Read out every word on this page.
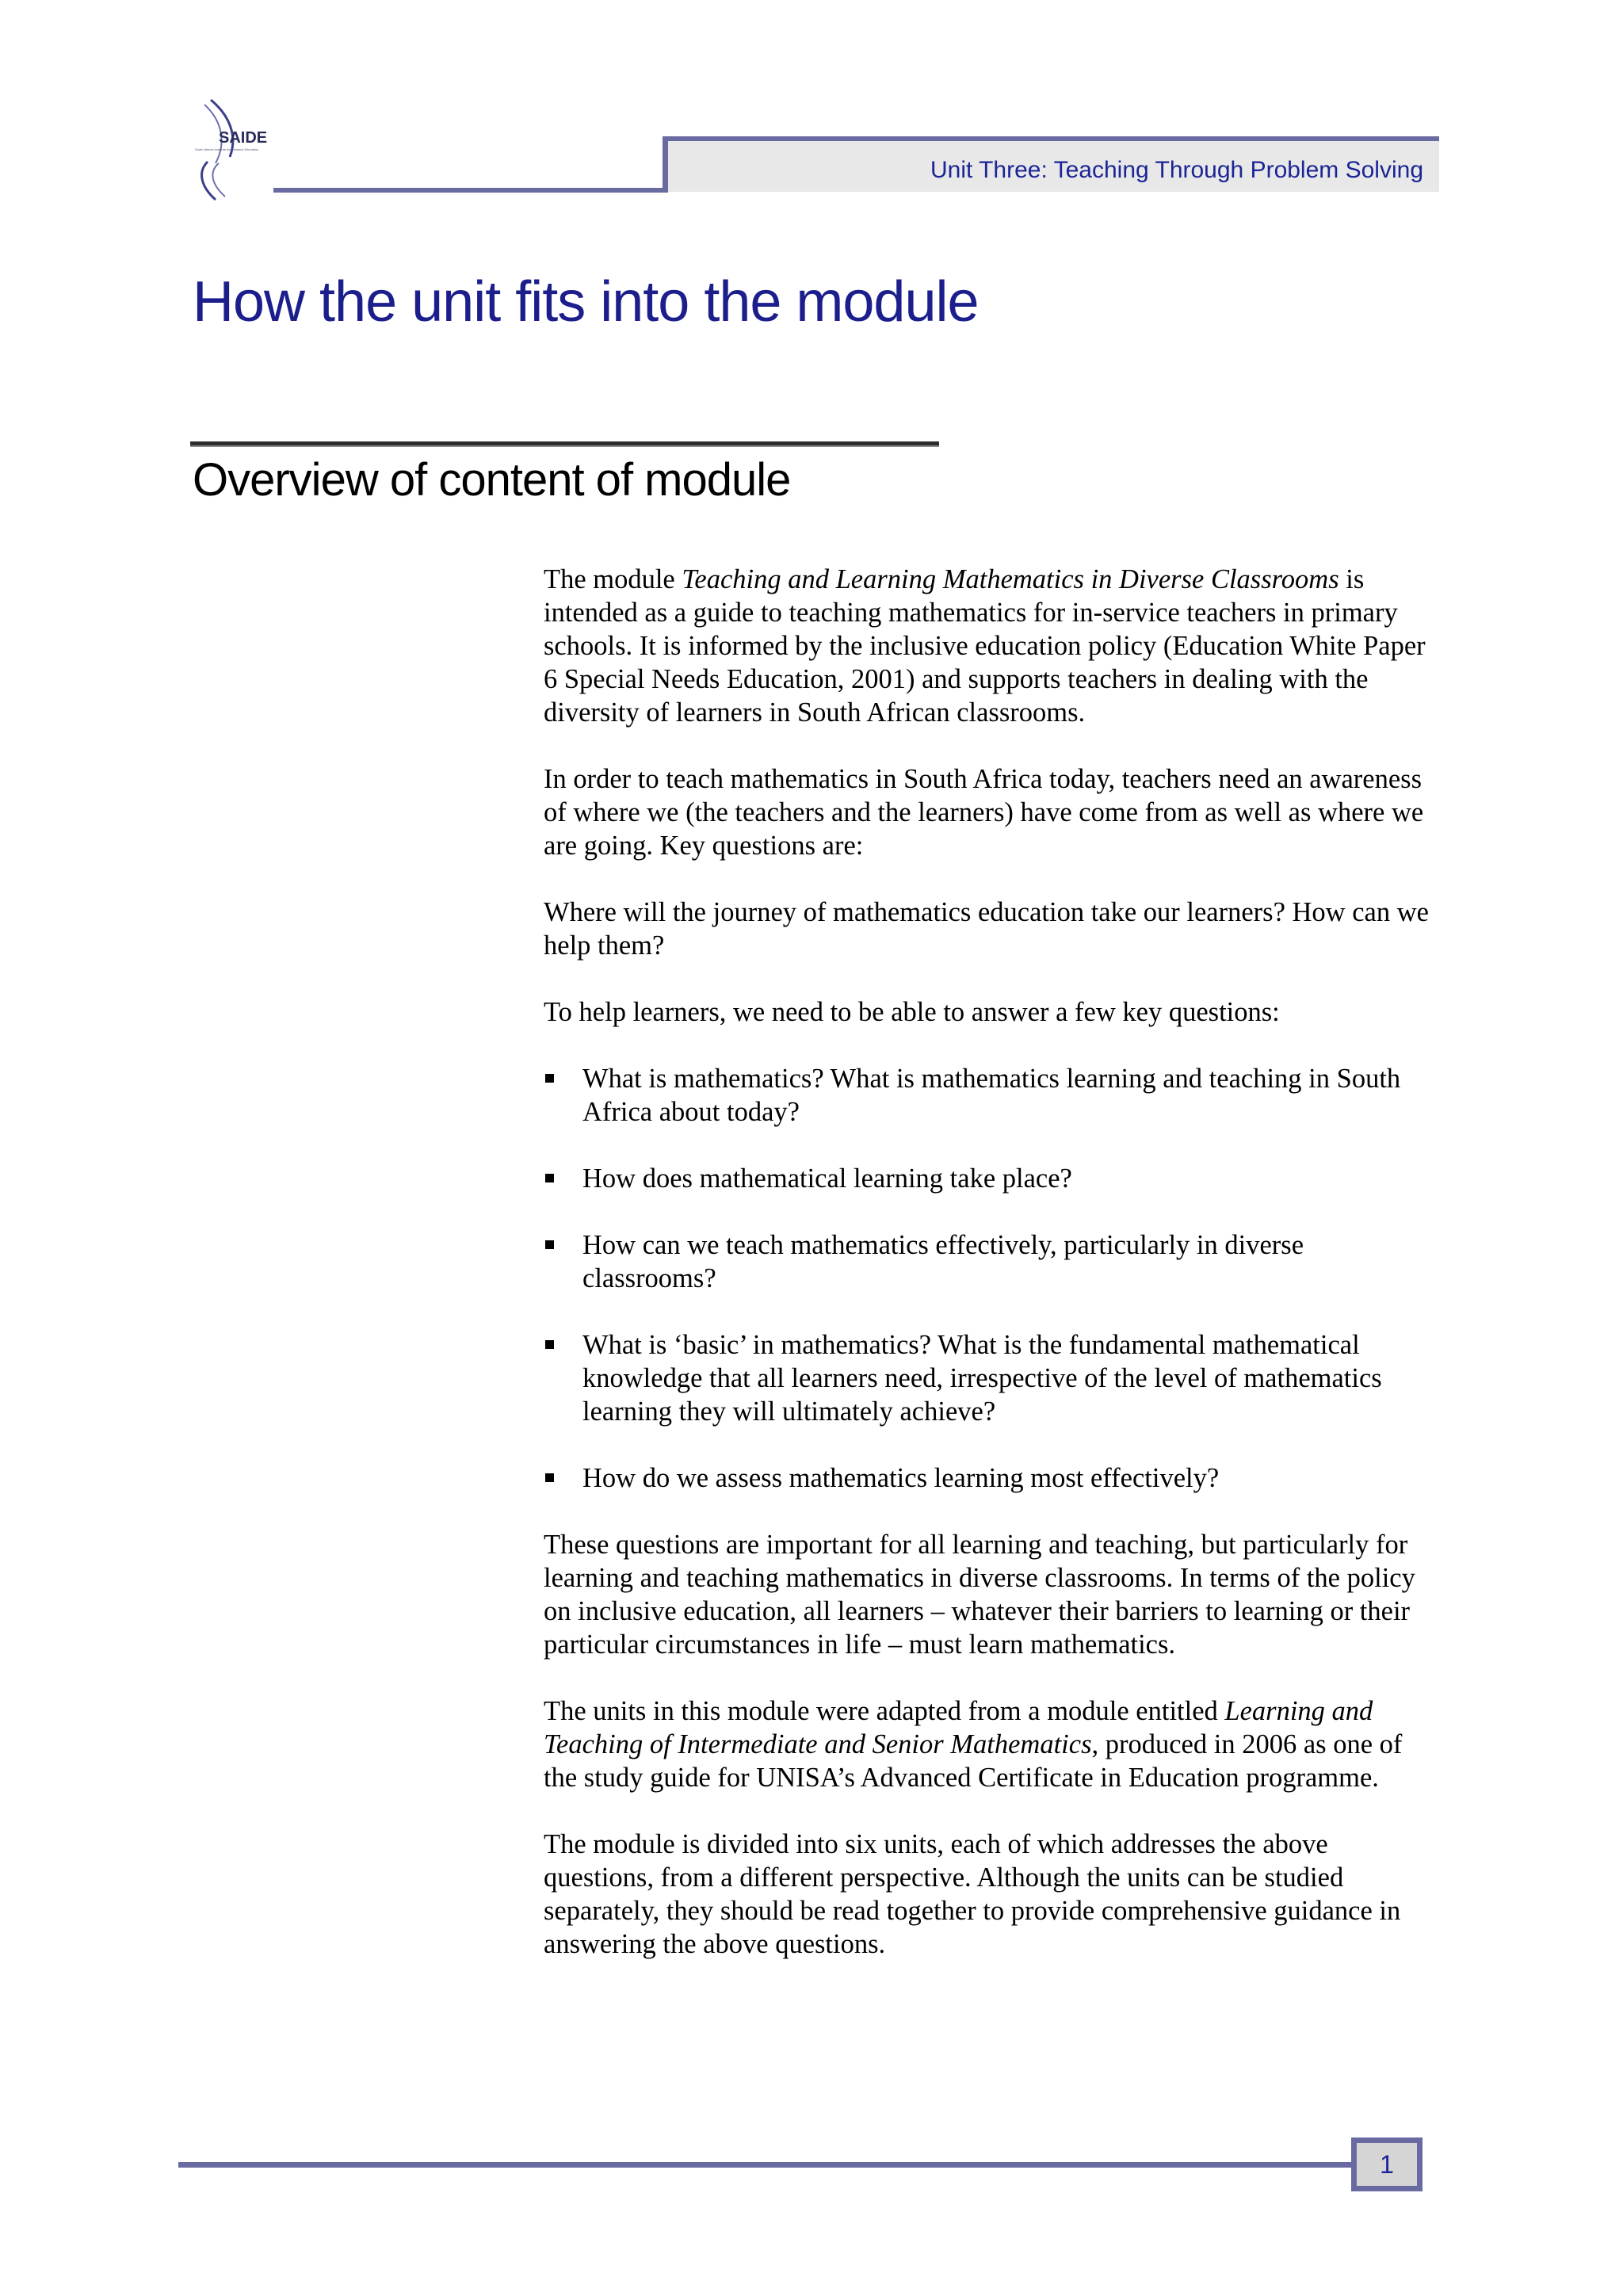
SAIDE
South African Institute for Distance Education
Unit Three: Teaching Through Problem Solving
How the unit fits into the module
Overview of content of module

The module Teaching and Learning Mathematics in Diverse Classrooms is intended as a guide to teaching mathematics for in-service teachers in primary schools. It is informed by the inclusive education policy (Education White Paper 6 Special Needs Education, 2001) and supports teachers in dealing with the diversity of learners in South African classrooms.

In order to teach mathematics in South Africa today, teachers need an awareness of where we (the teachers and the learners) have come from as well as where we are going. Key questions are:

Where will the journey of mathematics education take our learners? How can we help them?

To help learners, we need to be able to answer a few key questions:

What is mathematics? What is mathematics learning and teaching in South Africa about today?
How does mathematical learning take place?
How can we teach mathematics effectively, particularly in diverse classrooms?
What is ‘basic’ in mathematics? What is the fundamental mathematical knowledge that all learners need, irrespective of the level of mathematics learning they will ultimately achieve?
How do we assess mathematics learning most effectively?

These questions are important for all learning and teaching, but particularly for learning and teaching mathematics in diverse classrooms. In terms of the policy on inclusive education, all learners – whatever their barriers to learning or their particular circumstances in life – must learn mathematics.

The units in this module were adapted from a module entitled Learning and Teaching of Intermediate and Senior Mathematics, produced in 2006 as one of the study guide for UNISA’s Advanced Certificate in Education programme.

The module is divided into six units, each of which addresses the above questions, from a different perspective. Although the units can be studied separately, they should be read together to provide comprehensive guidance in answering the above questions.

1
